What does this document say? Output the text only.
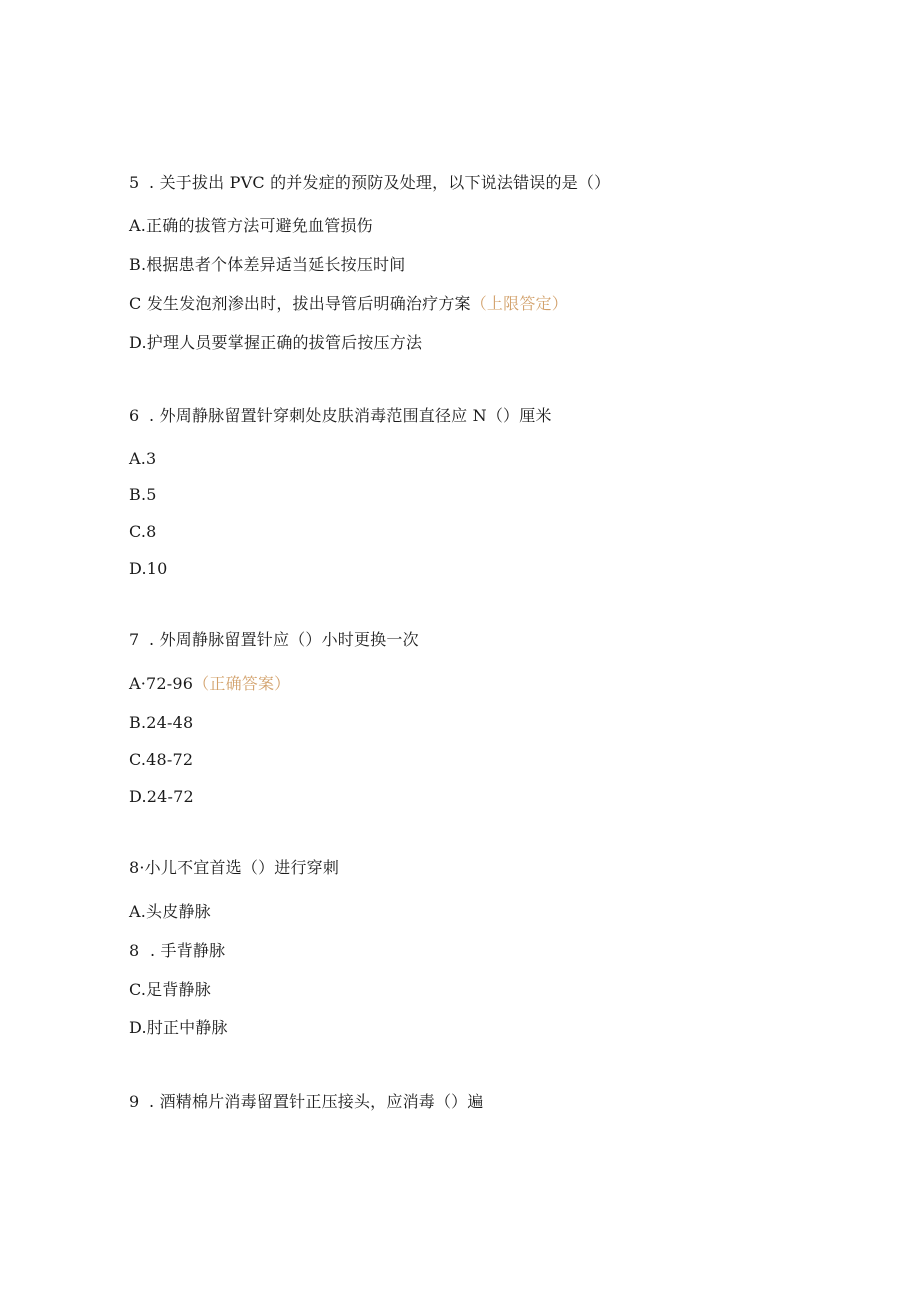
5 . 关于拔出 PVC 的并发症的预防及处理，以下说法错误的是（）
A.正确的拔管方法可避免血管损伤
B.根据患者个体差异适当延长按压时间
C 发生发泡剂渗出时，拔出导管后明确治疗方案（上限答定）
D.护理人员要掌握正确的拔管后按压方法
6 . 外周静脉留置针穿刺处皮肤消毒范围直径应 N（）厘米
A.3
B.5
C.8
D.10
7 . 外周静脉留置针应（）小时更换一次
A·72-96（正确答案）
B.24-48
C.48-72
D.24-72
8·小儿不宜首选（）进行穿刺
A.头皮静脉
8  . 手背静脉
C.足背静脉
D.肘正中静脉
9 . 酒精棉片消毒留置针正压接头，应消毒（）遍
